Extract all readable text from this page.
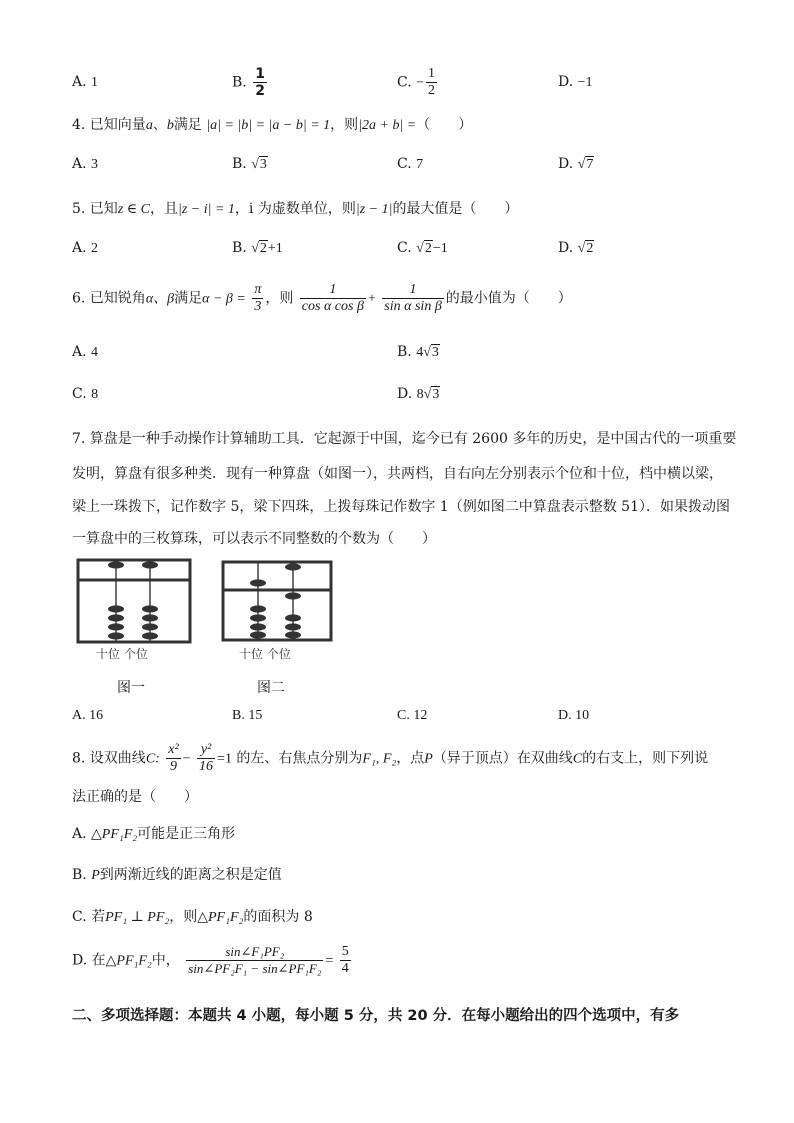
A. 1	B. $\frac{1}{2}$	C. − $\frac{1}{2}$	D. −1
4. 已知向量a、b满足 |a| = |b| = |a − b| = 1，则|2a + b| =（　　）
A. 3	B. √3	C. 7	D. √7
5. 已知z ∈ C，且|z − i| = 1，i 为虚数单位，则|z − 1|的最大值是（　　）
A. 2	B. √2+1	C. √2−1	D. √2
6. 已知锐角α、β满足$\alpha - \beta = \frac{\pi}{3}$ ，则 $\frac{1}{\text{cos α cos β}} + \frac{1}{\text{sin α sin β}}$ 的最小值为（　　）
A. 4	B. 4√3
C. 8	D. 8√3
7. 算盘是一种手动操作计算辅助工具．它起源于中国，迄今已有 2600 多年的历史，是中国古代的一项重要
发明，算盘有很多种类．现有一种算盘（如图一），共两档，自右向左分别表示个位和十位，档中横以梁，
梁上一珠拨下，记作数字 5，梁下四珠，上拨每珠记作数字 1（例如图二中算盘表示整数 51）．如果拨动图
一算盘中的三枚算珠，可以表示不同整数的个数为（　　）
十位 个位
图一
十位 个位
图二
A. 16	B. 15	C. 12	D. 10
8. 设双曲线C: $\frac{\text{x²}}{9} - \frac{\text{y²}}{16} =1$ 的左、右焦点分别为F₁, F₂，点P（异于顶点）在双曲线C的右支上，则下列说
法正确的是（　　）
A. △PF₁F₂可能是正三角形
B. P到两渐近线的距离之积是定值
C. 若PF₁ ⊥ PF₂，则△PF₁F₂的面积为 8
D. 在△PF₁F₂中， $\frac{\text{sin∠F₁PF₂}}{\text{sin∠PF₂F₁ − sin∠PF₁F₂}} = \frac{5}{4}$
二、多项选择题：本题共 4 小题，每小题 5 分，共 20 分．在每小题给出的四个选项中，有多
